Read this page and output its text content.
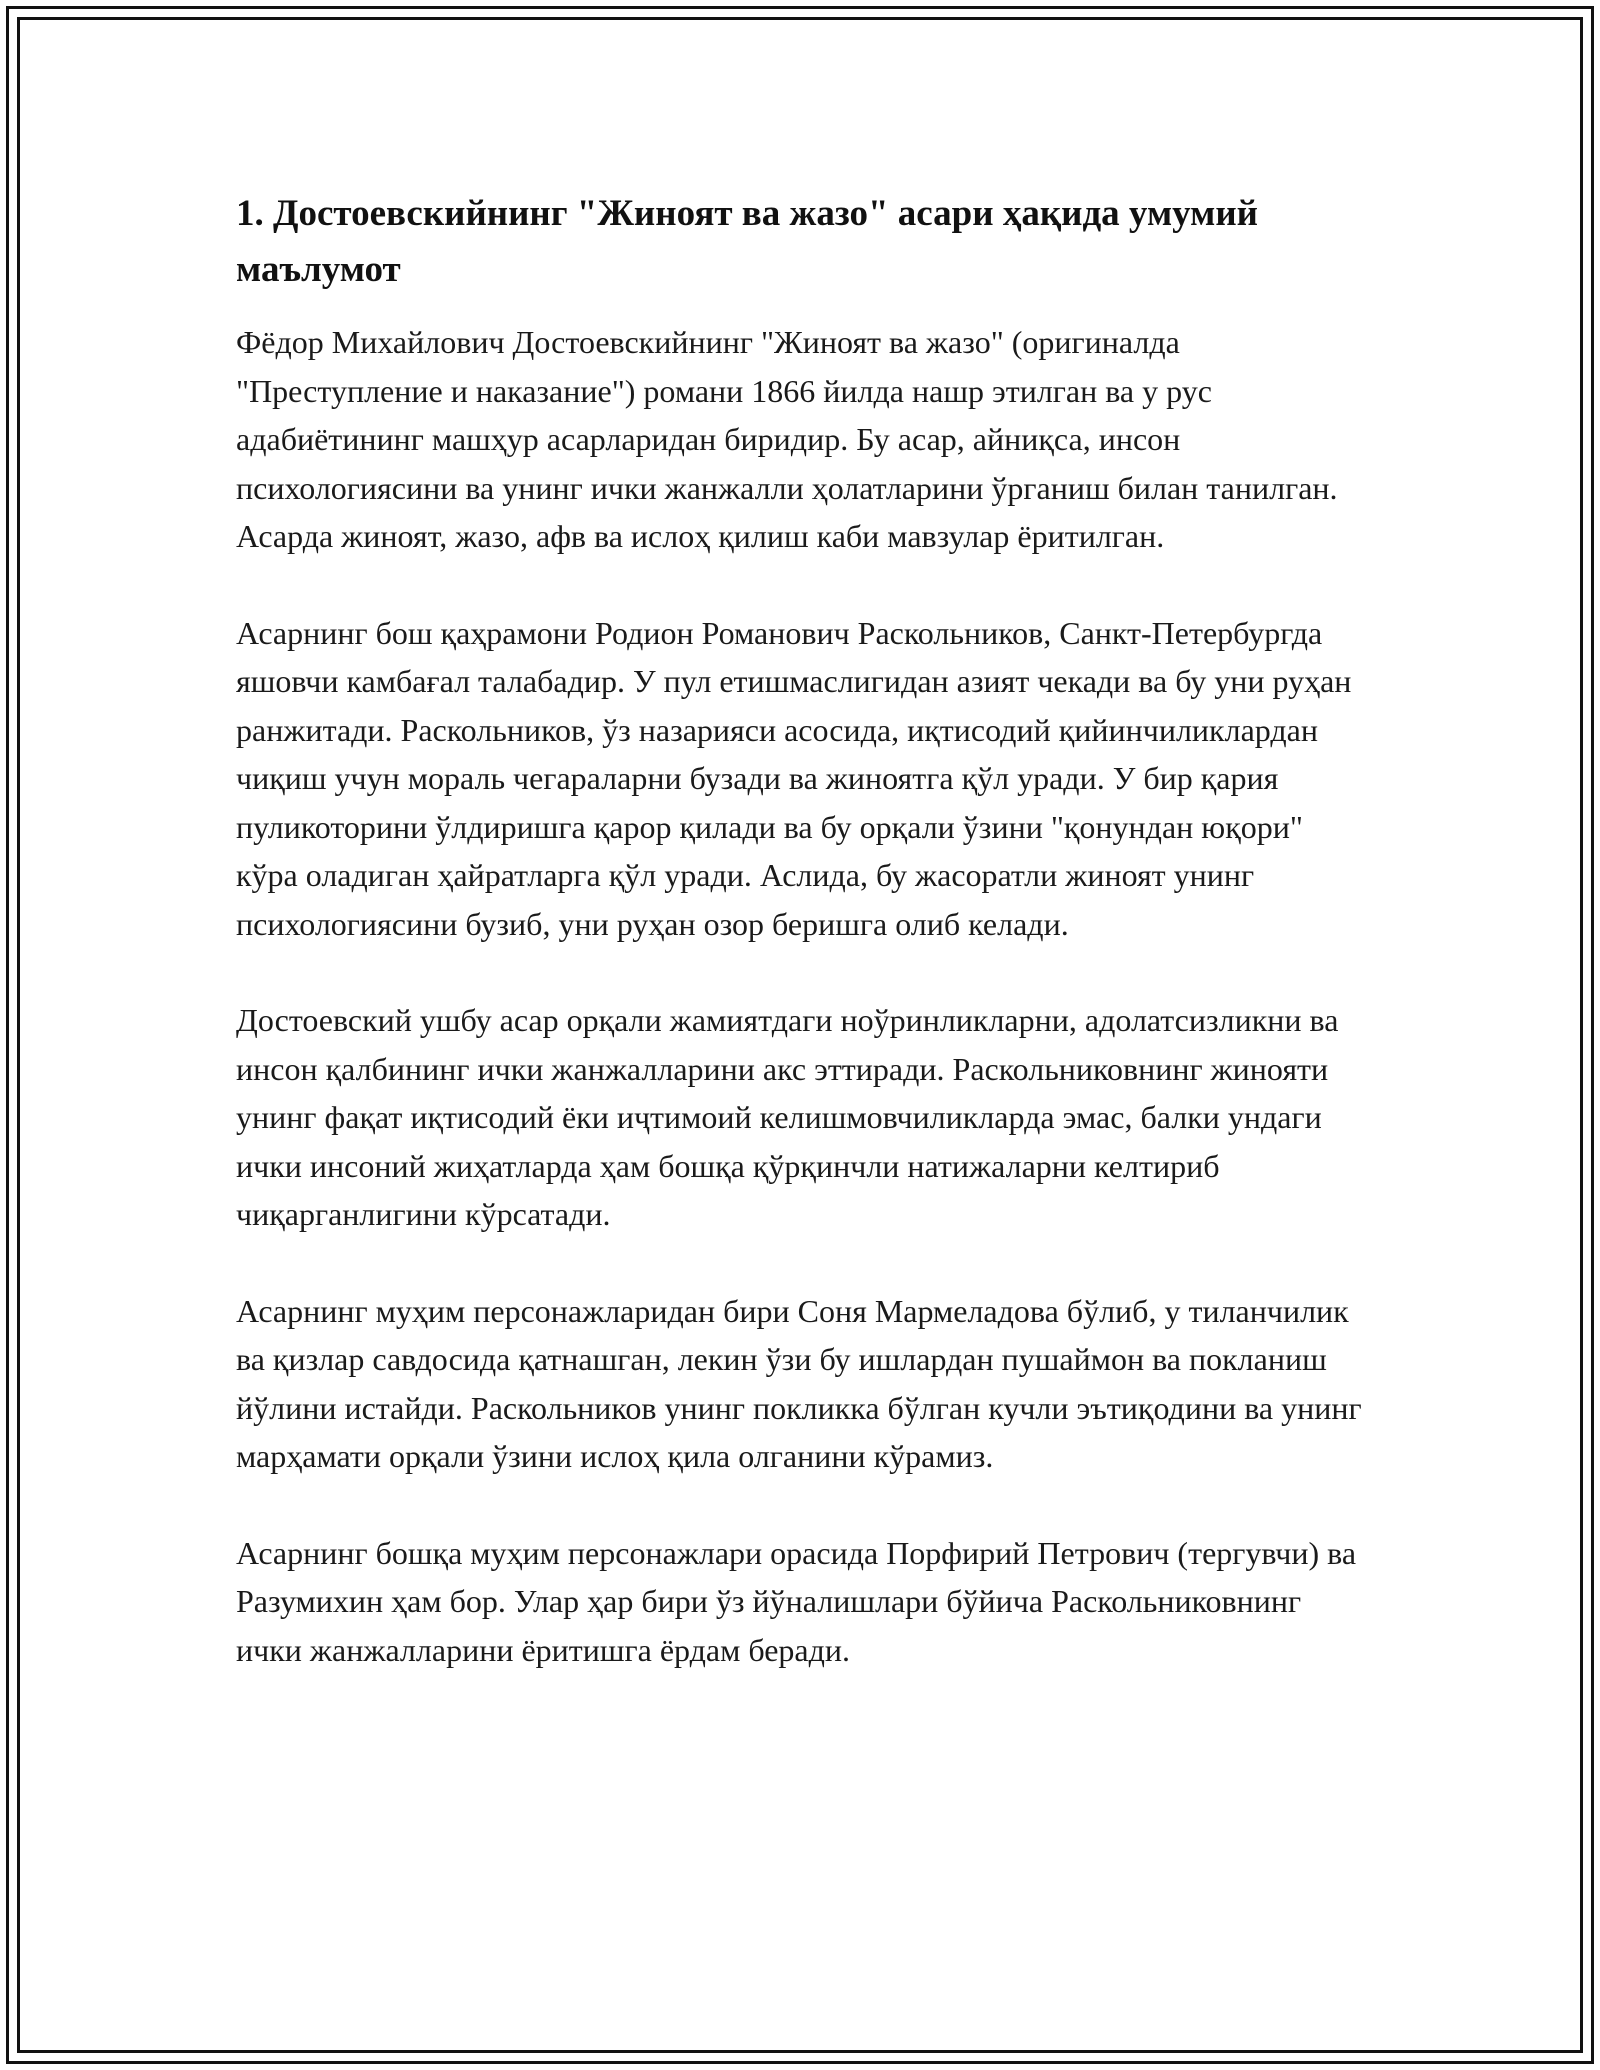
1. Достоевскийнинг "Жиноят ва жазо" асари ҳақида умумий маълумот

Фёдор Михайлович Достоевскийнинг "Жиноят ва жазо" (оригиналда "Преступление и наказание") романи 1866 йилда нашр этилган ва у рус адабиётининг машҳур асарларидан биридир. Бу асар, айниқса, инсон психологиясини ва унинг ички жанжалли ҳолатларини ўрганиш билан танилган. Асарда жиноят, жазо, афв ва ислоҳ қилиш каби мавзулар ёритилган.

Асарнинг бош қаҳрамони Родион Романович Раскольников, Санкт-Петербургда яшовчи камбағал талабадир. У пул етишмаслигидан азият чекади ва бу уни руҳан ранжитади. Раскольников, ўз назарияси асосида, иқтисодий қийинчиликлардан чиқиш учун мораль чегараларни бузади ва жиноятга қўл уради. У бир қария пуликоторини ўлдиришга қарор қилади ва бу орқали ўзини "қонундан юқори" кўра оладиган ҳайратларга қўл уради. Аслида, бу жасоратли жиноят унинг психологиясини бузиб, уни руҳан озор беришга олиб келади.

Достоевский ушбу асар орқали жамиятдаги ноўринликларни, адолатсизликни ва инсон қалбининг ички жанжалларини акс эттиради. Раскольниковнинг жинояти унинг фақат иқтисодий ёки иҷтимоий келишмовчиликларда эмас, балки ундаги ички инсоний жиҳатларда ҳам бошқа қўрқинчли натижаларни келтириб чиқарганлигини кўрсатади.

Асарнинг муҳим персонажларидан бири Соня Мармеладова бўлиб, у тиланчилик ва қизлар савдосида қатнашган, лекин ўзи бу ишлардан пушаймон ва покланиш йўлини истайди. Раскольников унинг покликка бўлган кучли эътиқодини ва унинг марҳамати орқали ўзини ислоҳ қила олганини кўрамиз.

Асарнинг бошқа муҳим персонажлари орасида Порфирий Петрович (тергувчи) ва Разумихин ҳам бор. Улар ҳар бири ўз йўналишлари бўйича Раскольниковнинг ички жанжалларини ёритишга ёрдам беради.
